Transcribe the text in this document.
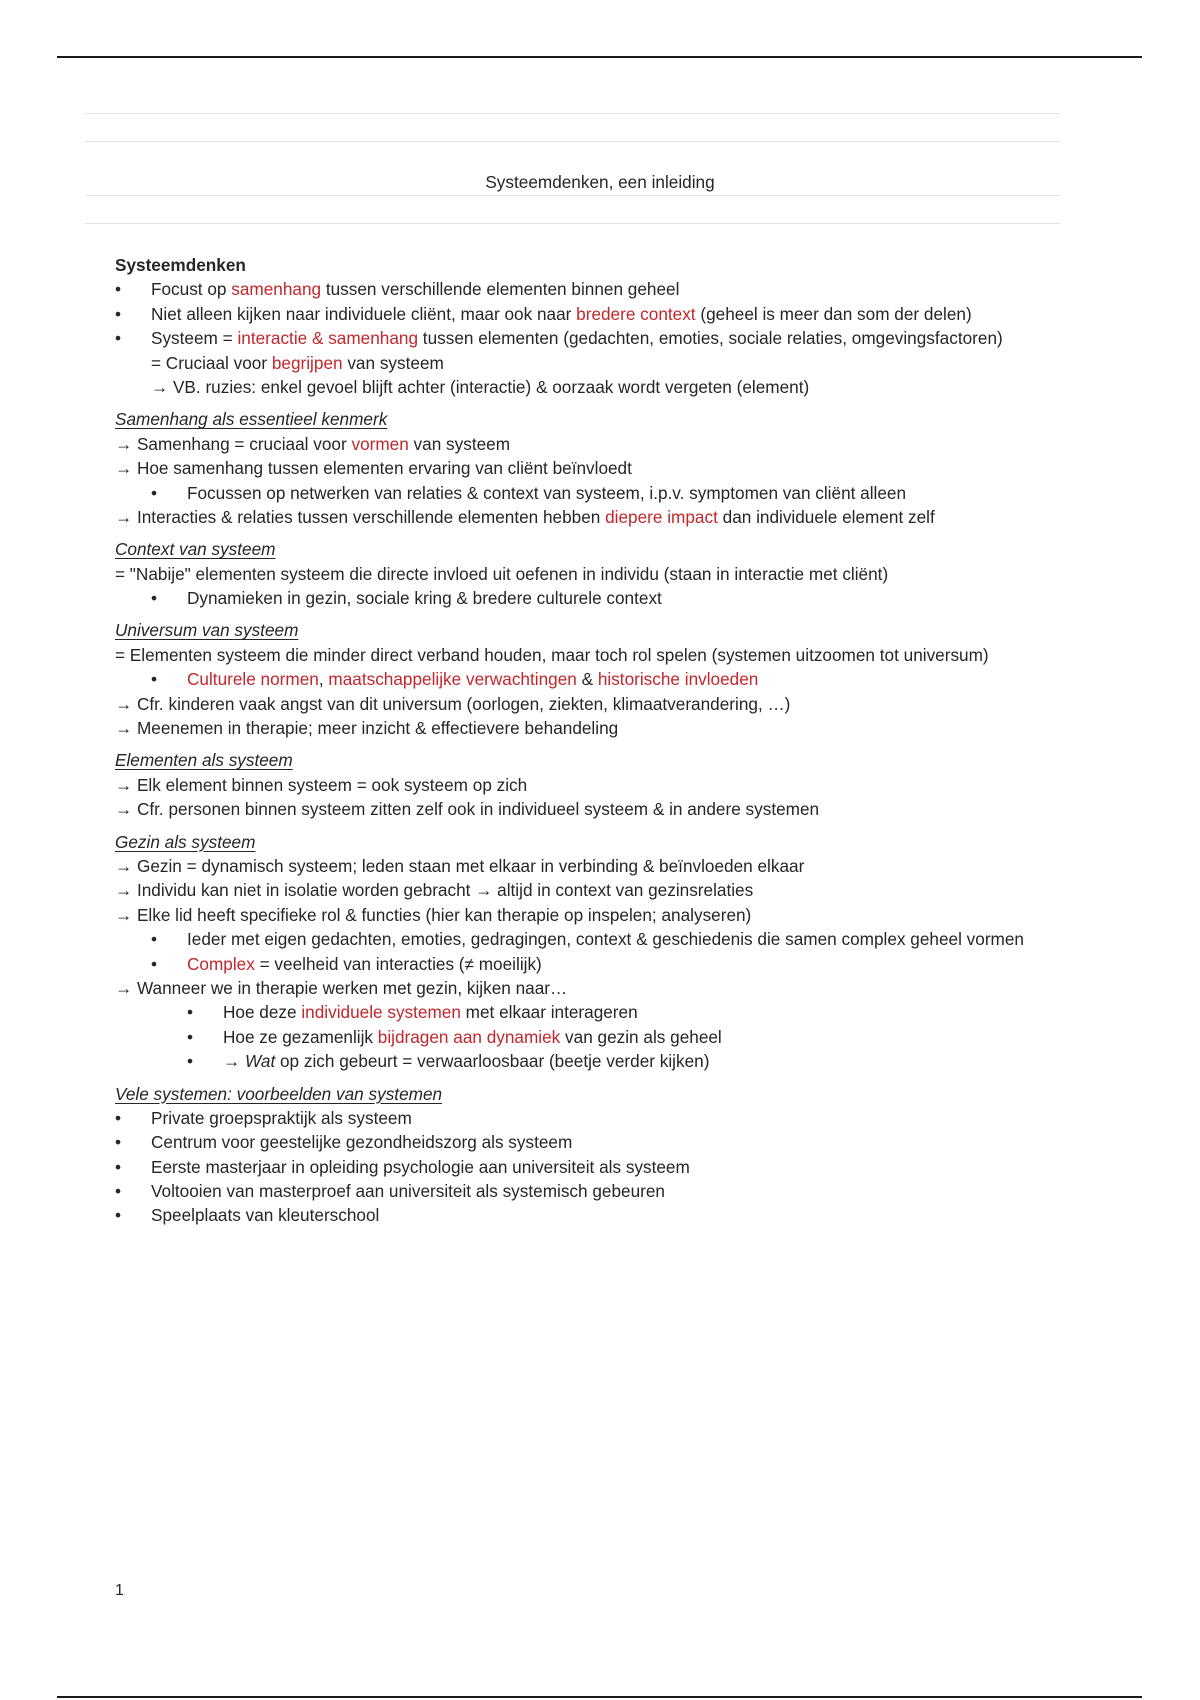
Systeemdenken, een inleiding
Systeemdenken
• Focust op samenhang tussen verschillende elementen binnen geheel
• Niet alleen kijken naar individuele cliënt, maar ook naar bredere context (geheel is meer dan som der delen)
• Systeem = interactie & samenhang tussen elementen (gedachten, emoties, sociale relaties, omgevingsfactoren)
= Cruciaal voor begrijpen van systeem
→ VB. ruzies: enkel gevoel blijft achter (interactie) & oorzaak wordt vergeten (element)
Samenhang als essentieel kenmerk
→ Samenhang = cruciaal voor vormen van systeem
→ Hoe samenhang tussen elementen ervaring van cliënt beïnvloedt
• Focussen op netwerken van relaties & context van systeem, i.p.v. symptomen van cliënt alleen
→ Interacties & relaties tussen verschillende elementen hebben diepere impact dan individuele element zelf
Context van systeem
= "Nabije" elementen systeem die directe invloed uit oefenen in individu (staan in interactie met cliënt)
• Dynamieken in gezin, sociale kring & bredere culturele context
Universum van systeem
= Elementen systeem die minder direct verband houden, maar toch rol spelen (systemen uitzoomen tot universum)
• Culturele normen, maatschappelijke verwachtingen & historische invloeden
→ Cfr. kinderen vaak angst van dit universum (oorlogen, ziekten, klimaatverandering, …)
→ Meenemen in therapie; meer inzicht & effectievere behandeling
Elementen als systeem
→ Elk element binnen systeem = ook systeem op zich
→ Cfr. personen binnen systeem zitten zelf ook in individueel systeem & in andere systemen
Gezin als systeem
→ Gezin = dynamisch systeem; leden staan met elkaar in verbinding & beïnvloeden elkaar
→ Individu kan niet in isolatie worden gebracht → altijd in context van gezinsrelaties
→ Elke lid heeft specifieke rol & functies (hier kan therapie op inspelen; analyseren)
• Ieder met eigen gedachten, emoties, gedragingen, context & geschiedenis die samen complex geheel vormen
• Complex = veelheid van interacties (≠ moeilijk)
→ Wanneer we in therapie werken met gezin, kijken naar…
• Hoe deze individuele systemen met elkaar interageren
• Hoe ze gezamenlijk bijdragen aan dynamiek van gezin als geheel
• → Wat op zich gebeurt = verwaarloosbaar (beetje verder kijken)
Vele systemen: voorbeelden van systemen
• Private groepspraktijk als systeem
• Centrum voor geestelijke gezondheidszorg als systeem
• Eerste masterjaar in opleiding psychologie aan universiteit als systeem
• Voltooien van masterproef aan universiteit als systemisch gebeuren
• Speelplaats van kleuterschool
1
